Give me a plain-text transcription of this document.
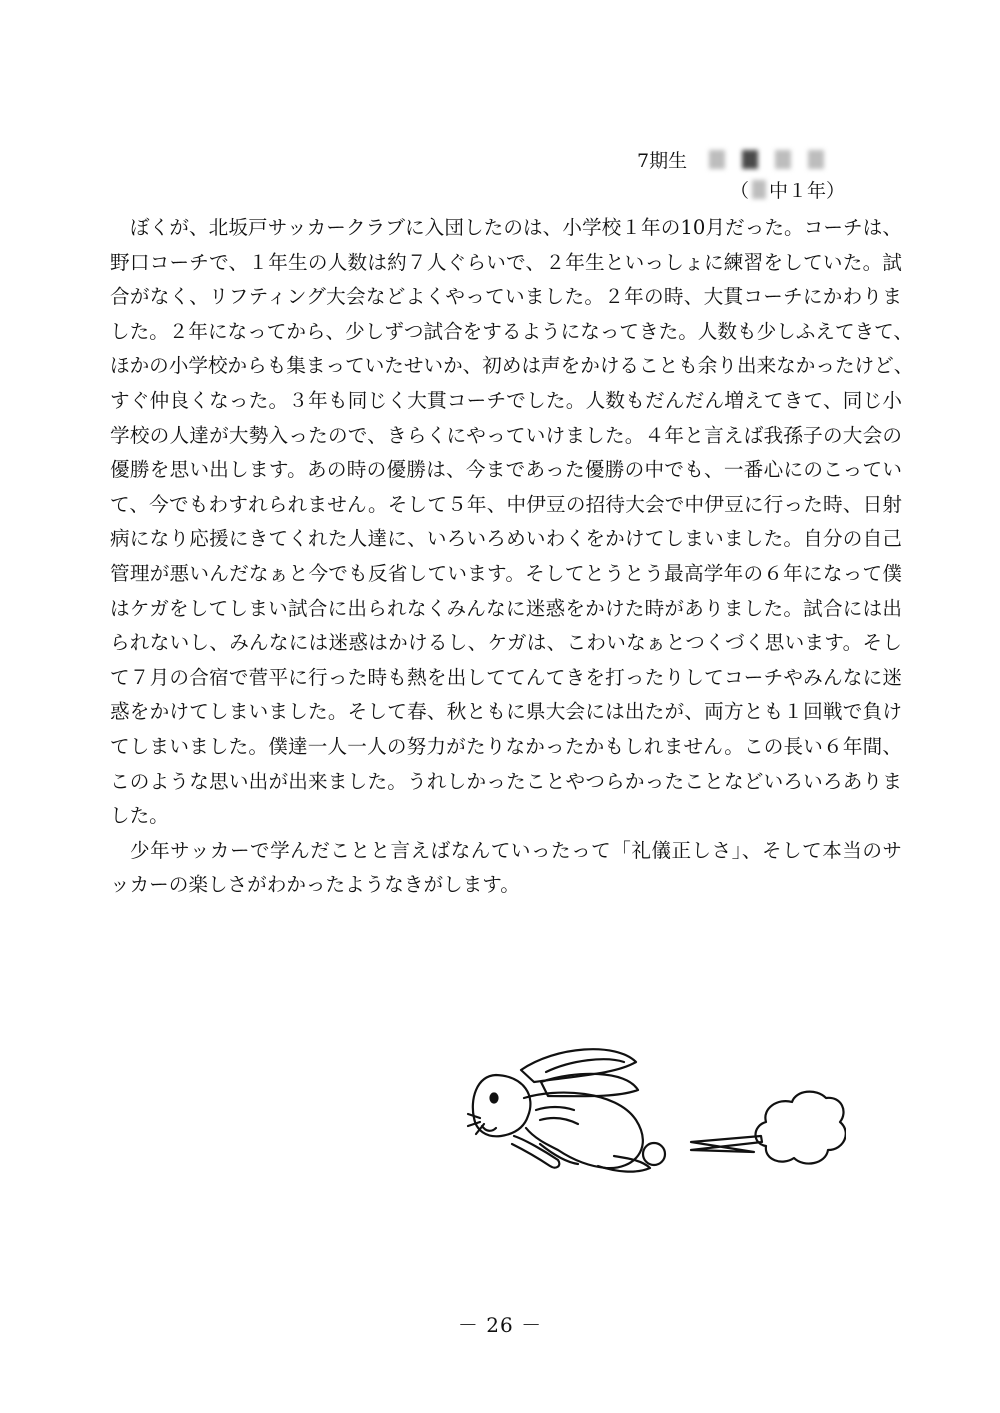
7期生
（ 中１年）
ぼくが、北坂戸サッカークラブに入団したのは、小学校１年の10月だった。コーチは、
野口コーチで、１年生の人数は約７人ぐらいで、２年生といっしょに練習をしていた。試
合がなく、リフティング大会などよくやっていました。２年の時、大貫コーチにかわりま
した。２年になってから、少しずつ試合をするようになってきた。人数も少しふえてきて、
ほかの小学校からも集まっていたせいか、初めは声をかけることも余り出来なかったけど、
すぐ仲良くなった。３年も同じく大貫コーチでした。人数もだんだん増えてきて、同じ小
学校の人達が大勢入ったので、きらくにやっていけました。４年と言えば我孫子の大会の
優勝を思い出します。あの時の優勝は、今まであった優勝の中でも、一番心にのこってい
て、今でもわすれられません。そして５年、中伊豆の招待大会で中伊豆に行った時、日射
病になり応援にきてくれた人達に、いろいろめいわくをかけてしまいました。自分の自己
管理が悪いんだなぁと今でも反省しています。そしてとうとう最高学年の６年になって僕
はケガをしてしまい試合に出られなくみんなに迷惑をかけた時がありました。試合には出
られないし、みんなには迷惑はかけるし、ケガは、こわいなぁとつくづく思います。そし
て７月の合宿で菅平に行った時も熱を出しててんてきを打ったりしてコーチやみんなに迷
惑をかけてしまいました。そして春、秋ともに県大会には出たが、両方とも１回戦で負け
てしまいました。僕達一人一人の努力がたりなかったかもしれません。この長い６年間、
このような思い出が出来ました。うれしかったことやつらかったことなどいろいろありま
した。
少年サッカーで学んだことと言えばなんていったって「礼儀正しさ」、そして本当のサ
ッカーの楽しさがわかったようなきがします。
－ 26 －
